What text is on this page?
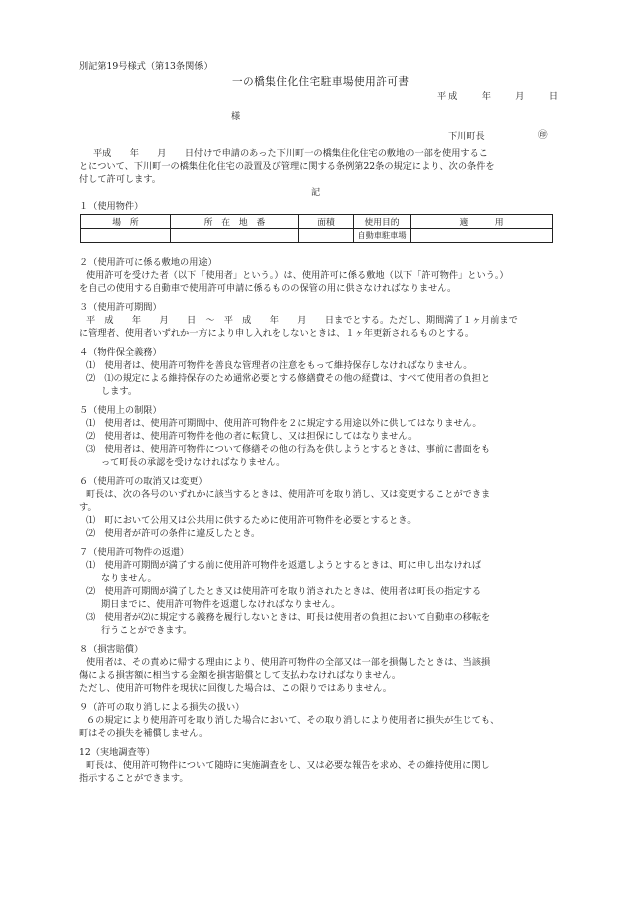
別記第19号様式（第13条関係）
一の橋集住化住宅駐車場使用許可書
平成　　年　　月　　日
様
下川町長	㊞
平成　　年　　月　　日付けで申請のあった下川町一の橋集住化住宅の敷地の一部を使用するこ
とについて、下川町一の橋集住化住宅の設置及び管理に関する条例第22条の規定により、次の条件を
付して許可します。
記
１（使用物件）
場　所	所　在　地　番	面積	使用目的	適　　　用
			自動車駐車場	
２（使用許可に係る敷地の用途）
使用許可を受けた者（以下「使用者」という。）は、使用許可に係る敷地（以下「許可物件」という。）
を自己の使用する自動車で使用許可申請に係るものの保管の用に供さなければなりません。
３（使用許可期間）
平　成　　年　　月　　日　～　平　成　　年　　月　　日までとする。ただし、期間満了１ヶ月前まで
に管理者、使用者いずれか一方により申し入れをしないときは、１ヶ年更新されるものとする。
４（物件保全義務）
⑴　使用者は、使用許可物件を善良な管理者の注意をもって維持保存しなければなりません。
⑵　⑴の規定による維持保存のため通常必要とする修繕費その他の経費は、すべて使用者の負担と
します。
５（使用上の制限）
⑴　使用者は、使用許可期間中、使用許可物件を２に規定する用途以外に供してはなりません。
⑵　使用者は、使用許可物件を他の者に転貸し、又は担保にしてはなりません。
⑶　使用者は、使用許可物件について修繕その他の行為を供しようとするときは、事前に書面をも
って町長の承認を受けなければなりません。
６（使用許可の取消又は変更）
町長は、次の各号のいずれかに該当するときは、使用許可を取り消し、又は変更することができま
す。
⑴　町において公用又は公共用に供するために使用許可物件を必要とするとき。
⑵　使用者が許可の条件に違反したとき。
７（使用許可物件の返還）
⑴　使用許可期間が満了する前に使用許可物件を返還しようとするときは、町に申し出なければ
なりません。
⑵　使用許可期間が満了したとき又は使用許可を取り消されたときは、使用者は町長の指定する
期日までに、使用許可物件を返還しなければなりません。
⑶　使用者が⑵に規定する義務を履行しないときは、町長は使用者の負担において自動車の移転を
行うことができます。
８（損害賠償）
使用者は、その責めに帰する理由により、使用許可物件の全部又は一部を損傷したときは、当該損
傷による損害額に相当する金額を損害賠償として支払わなければなりません。
ただし、使用許可物件を現状に回復した場合は、この限りではありません。
９（許可の取り消しによる損失の扱い）
６の規定により使用許可を取り消した場合において、その取り消しにより使用者に損失が生じても、
町はその損失を補償しません。
12（実地調査等）
町長は、使用許可物件について随時に実施調査をし、又は必要な報告を求め、その維持使用に関し
指示することができます。
